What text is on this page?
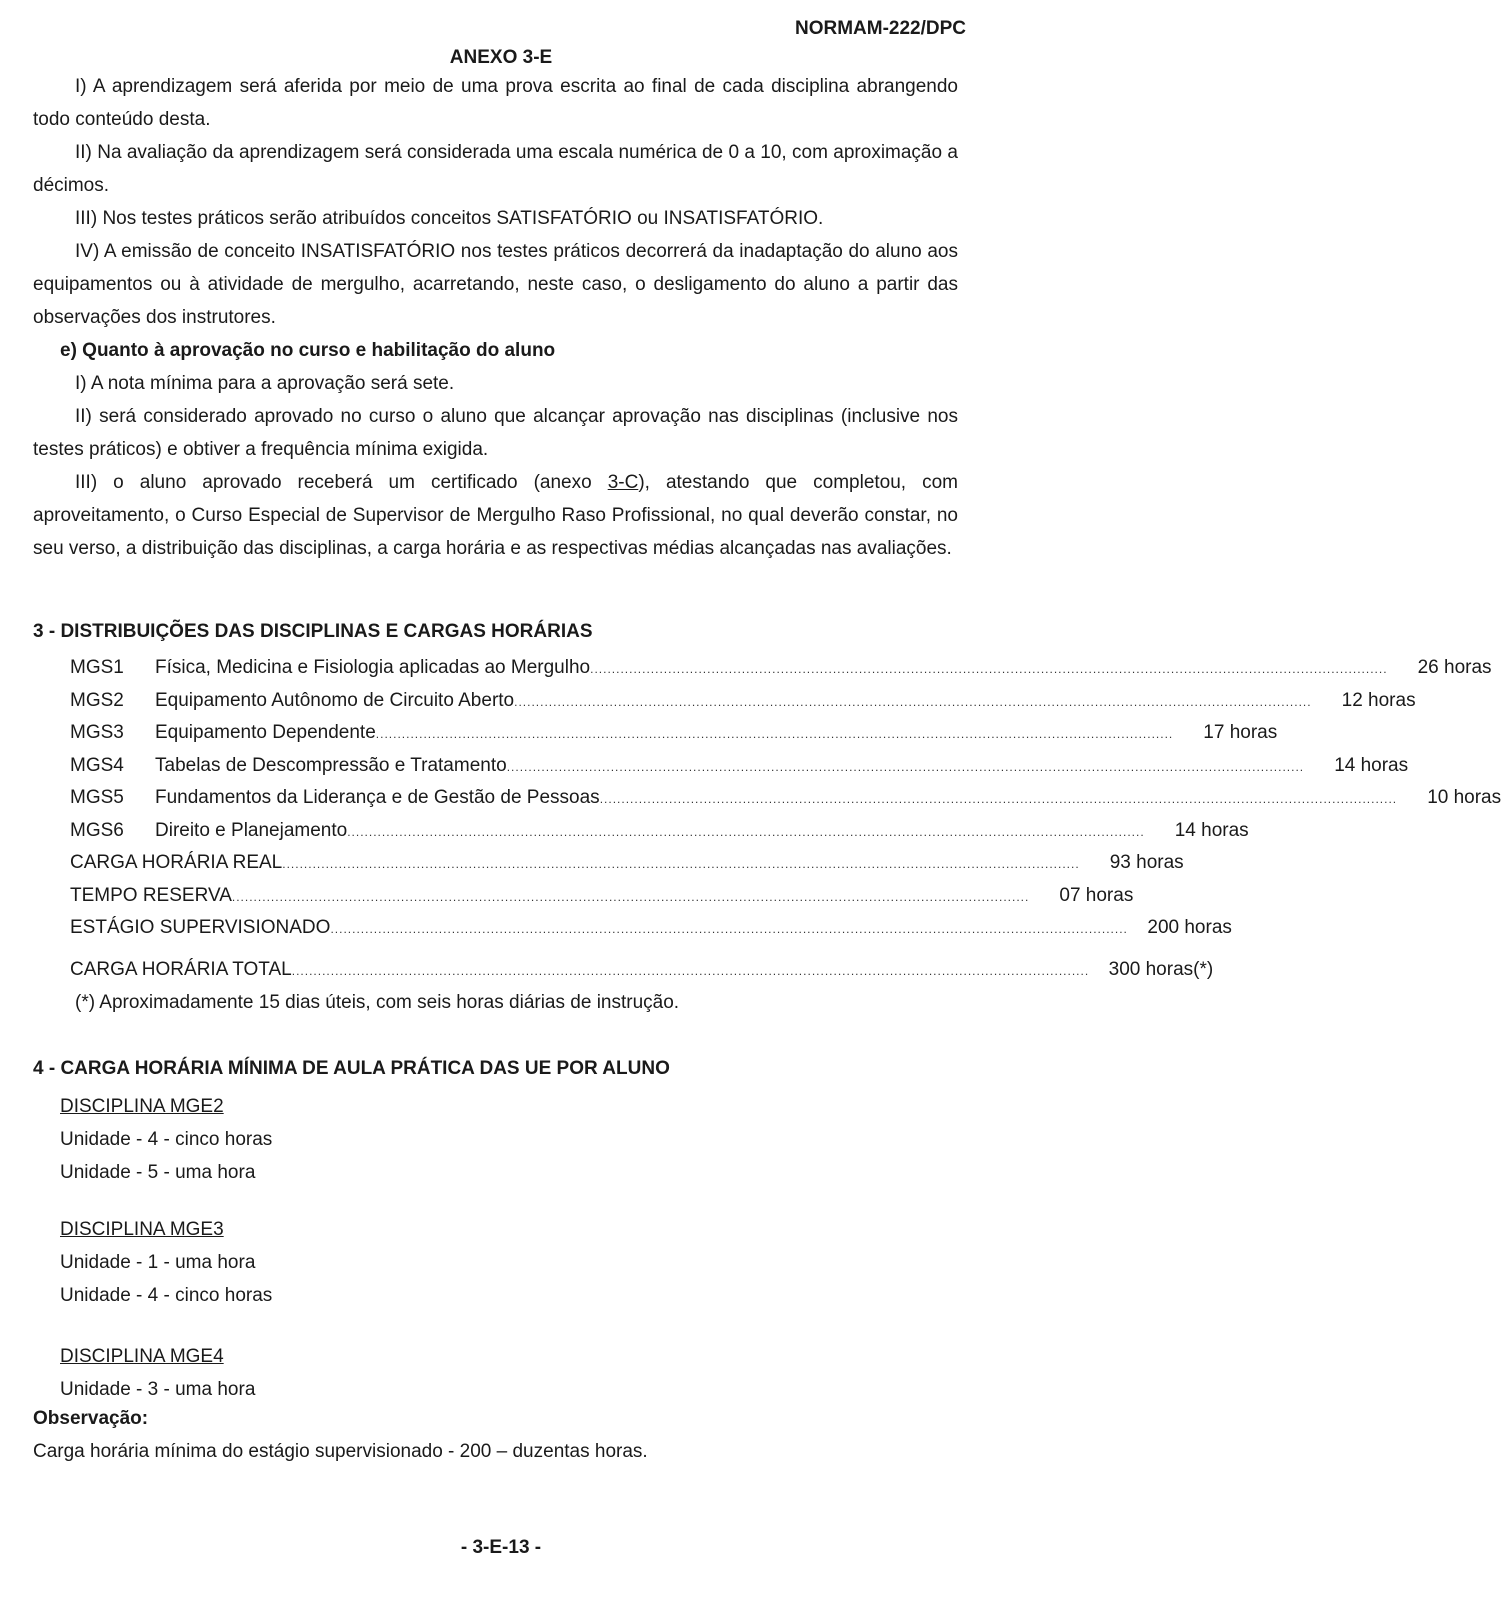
NORMAM-222/DPC
ANEXO 3-E

I) A aprendizagem será aferida por meio de uma prova escrita ao final de cada disciplina abrangendo todo conteúdo desta.

II) Na avaliação da aprendizagem será considerada uma escala numérica de 0 a 10, com aproximação a décimos.

III) Nos testes práticos serão atribuídos conceitos SATISFATÓRIO ou INSATISFATÓRIO.

IV) A emissão de conceito INSATISFATÓRIO nos testes práticos decorrerá da inadaptação do aluno aos equipamentos ou à atividade de mergulho, acarretando, neste caso, o desligamento do aluno a partir das observações dos instrutores.

e) Quanto à aprovação no curso e habilitação do aluno

I) A nota mínima para a aprovação será sete.

II) será considerado aprovado no curso o aluno que alcançar aprovação nas disciplinas (inclusive nos testes práticos) e obtiver a frequência mínima exigida.

III) o aluno aprovado receberá um certificado (anexo 3-C), atestando que completou, com aproveitamento, o Curso Especial de Supervisor de Mergulho Raso Profissional, no qual deverão constar, no seu verso, a distribuição das disciplinas, a carga horária e as respectivas médias alcançadas nas avaliações.

3 - DISTRIBUIÇÕES DAS DISCIPLINAS E CARGAS HORÁRIAS
MGS1	Física, Medicina e Fisiologia aplicadas ao Mergulho ........................................................................................................................................................................................	26 horas
MGS2	Equipamento Autônomo de Circuito Aberto ........................................................................................................................................................................................	12 horas
MGS3	Equipamento Dependente ........................................................................................................................................................................................	17 horas
MGS4	Tabelas de Descompressão e Tratamento ........................................................................................................................................................................................	14 horas
MGS5	Fundamentos da Liderança e de Gestão de Pessoas ........................................................................................................................................................................................	10 horas
MGS6	Direito e Planejamento ........................................................................................................................................................................................	14 horas
CARGA HORÁRIA REAL ........................................................................................................................................................................................	93 horas
TEMPO RESERVA ........................................................................................................................................................................................	07 horas
ESTÁGIO SUPERVISIONADO ........................................................................................................................................................................................	200 horas
CARGA HORÁRIA TOTAL ........................................................................................................................................................................................	300 horas(*)
(*) Aproximadamente 15 dias úteis, com seis horas diárias de instrução.
4 - CARGA HORÁRIA MÍNIMA DE AULA PRÁTICA DAS UE POR ALUNO
DISCIPLINA MGE2
Unidade - 4 - cinco horas
Unidade - 5 - uma hora
DISCIPLINA MGE3
Unidade - 1 - uma hora
Unidade - 4 - cinco horas
DISCIPLINA MGE4
Unidade - 3 - uma hora
Observação:
Carga horária mínima do estágio supervisionado - 200 – duzentas horas.
- 3-E-13 -
